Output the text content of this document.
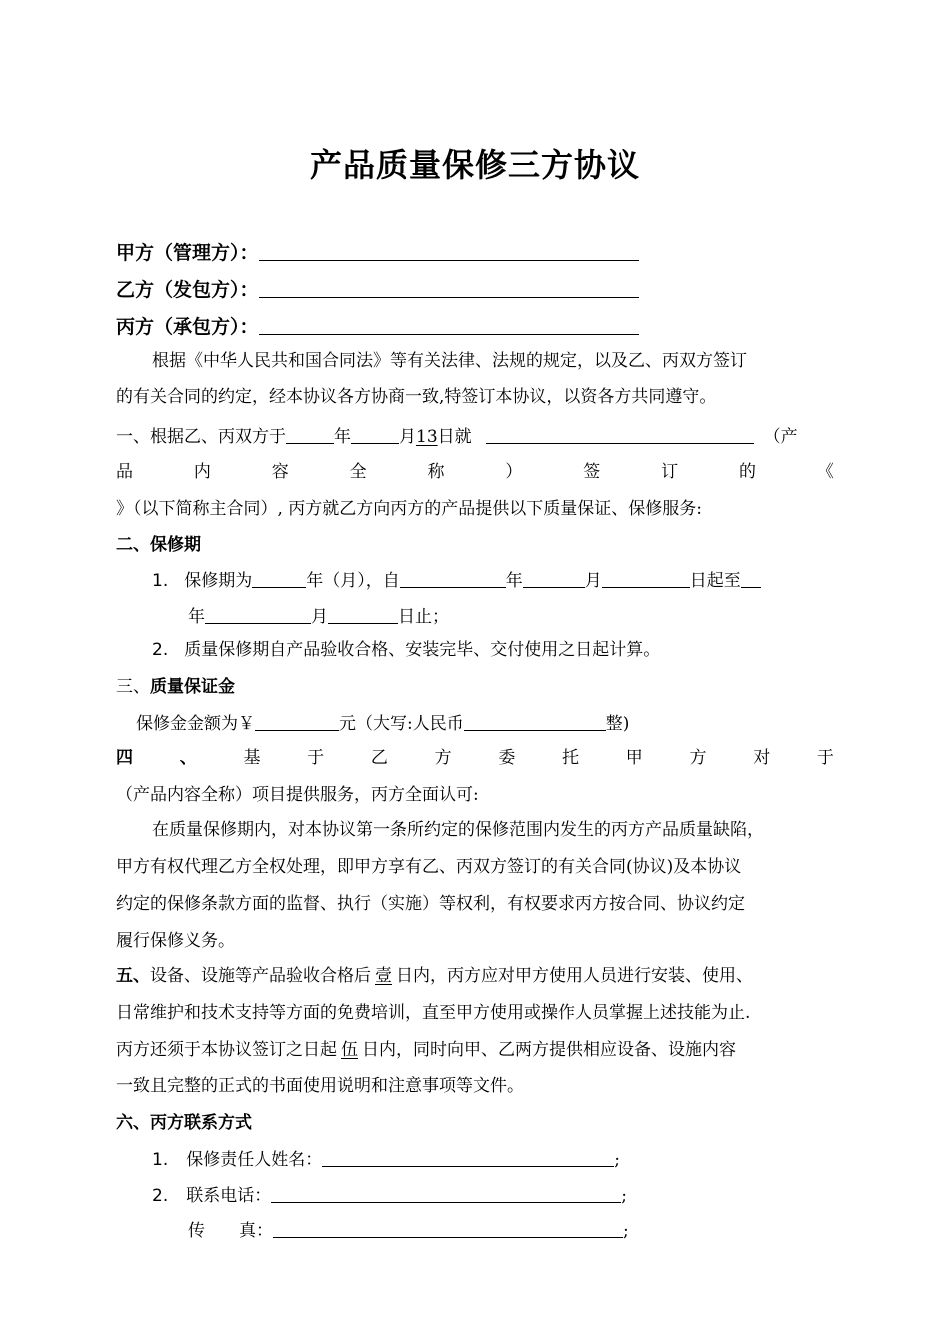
产品质量保修三方协议
甲方（管理方）：
乙方（发包方）：
丙方（承包方）：
根据《中华人民共和国合同法》等有关法律、法规的规定，以及乙、丙双方签订
的有关合同的约定，经本协议各方协商一致,特签订本协议，以资各方共同遵守。
一、根据乙、丙双方于	年	月13日就	（产
品	内	容	全	称	）	签	订	的	《
》（以下简称主合同）, 丙方就乙方向丙方的产品提供以下质量保证、保修服务:
二、保修期
1. 保修期为	年（月），自	年	月	日起至
年	月	日止；
2. 质量保修期自产品验收合格、安装完毕、交付使用之日起计算。
三、质量保证金
保修金金额为￥	元（大写:人民币	整)
四	、	基	于	乙	方	委	托	甲	方	对	于
（产品内容全称）项目提供服务，丙方全面认可:
在质量保修期内，对本协议第一条所约定的保修范围内发生的丙方产品质量缺陷，
甲方有权代理乙方全权处理，即甲方享有乙、丙双方签订的有关合同(协议)及本协议
约定的保修条款方面的监督、执行（实施）等权利，有权要求丙方按合同、协议约定
履行保修义务。
五、设备、设施等产品验收合格后 壹 日内，丙方应对甲方使用人员进行安装、使用、
日常维护和技术支持等方面的免费培训，直至甲方使用或操作人员掌握上述技能为止.
丙方还须于本协议签订之日起 伍 日内，同时向甲、乙两方提供相应设备、设施内容
一致且完整的正式的书面使用说明和注意事项等文件。
六、丙方联系方式
1. 保修责任人姓名：	;
2. 联系电话：	;
传　　真：	;
